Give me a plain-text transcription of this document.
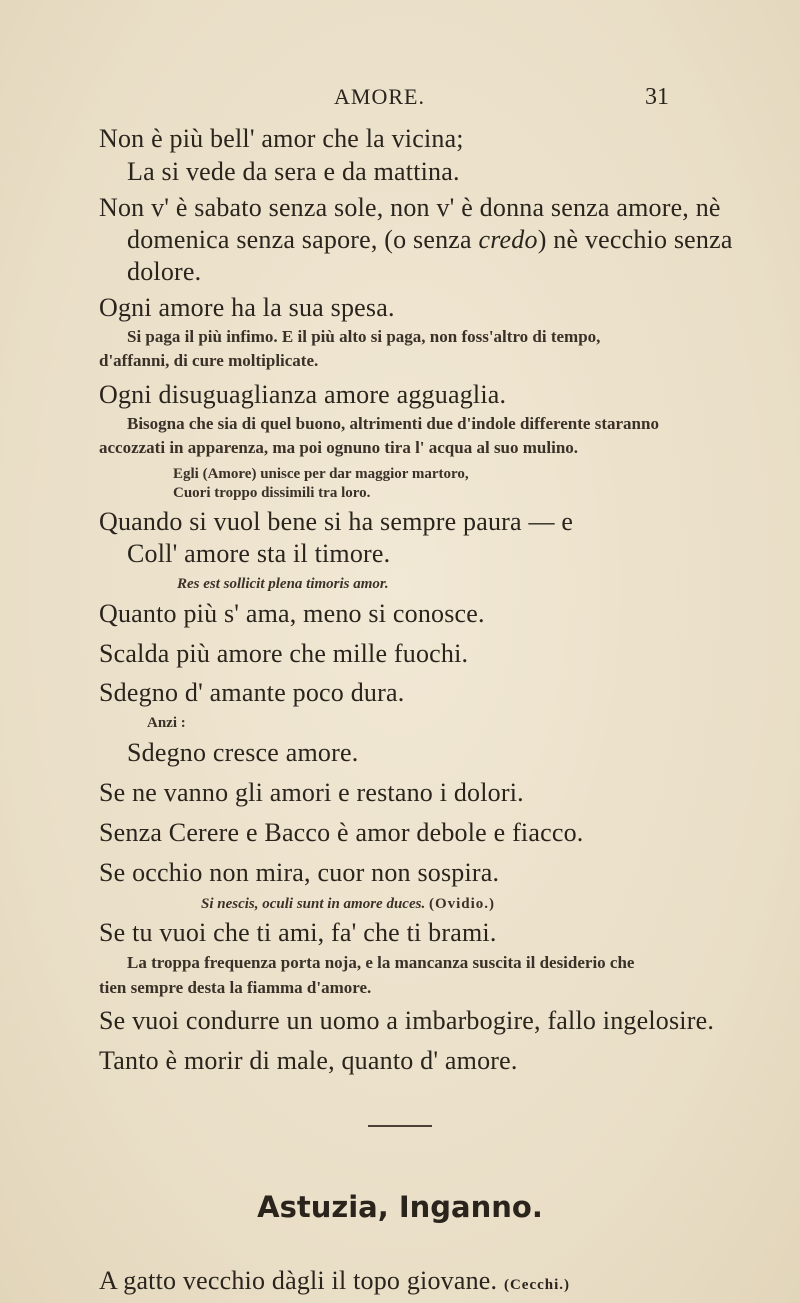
AMORE.	31
Non è più bell' amor che la vicina;
La si vede da sera e da mattina.
Non v' è sabato senza sole, non v' è donna senza amore, nè
domenica senza sapore, (o senza credo) nè vecchio senza
dolore.
Ogni amore ha la sua spesa.
Si paga il più infimo. E il più alto si paga, non foss'altro di tempo,
d'affanni, di cure moltiplicate.
Ogni disuguaglianza amore agguaglia.
Bisogna che sia di quel buono, altrimenti due d'indole differente staranno
accozzati in apparenza, ma poi ognuno tira l' acqua al suo mulino.
Egli (Amore) unisce per dar maggior martoro,
Cuori troppo dissimili tra loro.
Quando si vuol bene si ha sempre paura — e
Coll' amore sta il timore.
Res est sollicit plena timoris amor.
Quanto più s' ama, meno si conosce.
Scalda più amore che mille fuochi.
Sdegno d' amante poco dura.
Anzi :
Sdegno cresce amore.
Se ne vanno gli amori e restano i dolori.
Senza Cerere e Bacco è amor debole e fiacco.
Se occhio non mira, cuor non sospira.
Si nescis, oculi sunt in amore duces. (Ovidio.)
Se tu vuoi che ti ami, fa' che ti brami.
La troppa frequenza porta noja, e la mancanza suscita il desiderio che
tien sempre desta la fiamma d'amore.
Se vuoi condurre un uomo a imbarbogire, fallo ingelosire.
Tanto è morir di male, quanto d' amore.
Astuzia, Inganno.
A gatto vecchio dàgli il topo giovane. (Cecchi.)
